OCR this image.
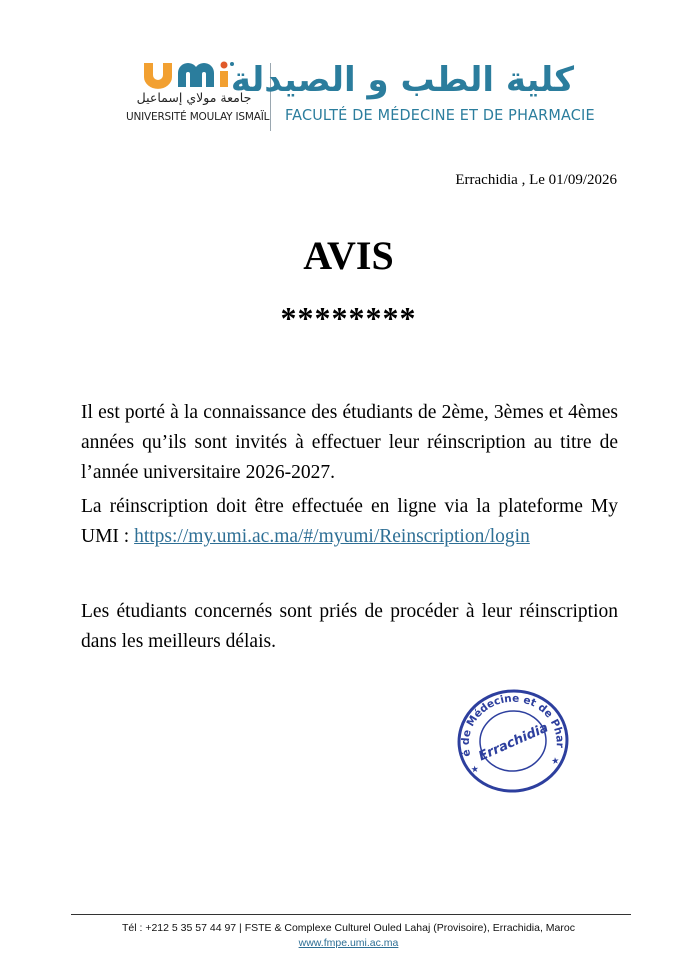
جامعة مولاي إسماعيل
UNIVERSITÉ MOULAY ISMAÏL
كلية الطب و الصيدلة
FACULTÉ DE MÉDECINE ET DE PHARMACIE
Errachidia , Le 01/09/2026
AVIS
********
Il est porté à la connaissance des étudiants de 2ème, 3èmes et 4èmes années qu’ils sont invités à effectuer leur réinscription au titre de l’année universitaire 2026-2027.
La réinscription doit être effectuée en ligne via la plateforme My UMI : https://my.umi.ac.ma/#/myumi/Reinscription/login
Les étudiants concernés sont priés de procéder à leur réinscription dans les meilleurs délais.
Faculté de Médecine et de Pharmacie
Errachidia
★
★
Tél : +212 5 35 57 44 97 | FSTE & Complexe Culturel Ouled Lahaj (Provisoire), Errachidia, Maroc
www.fmpe.umi.ac.ma
